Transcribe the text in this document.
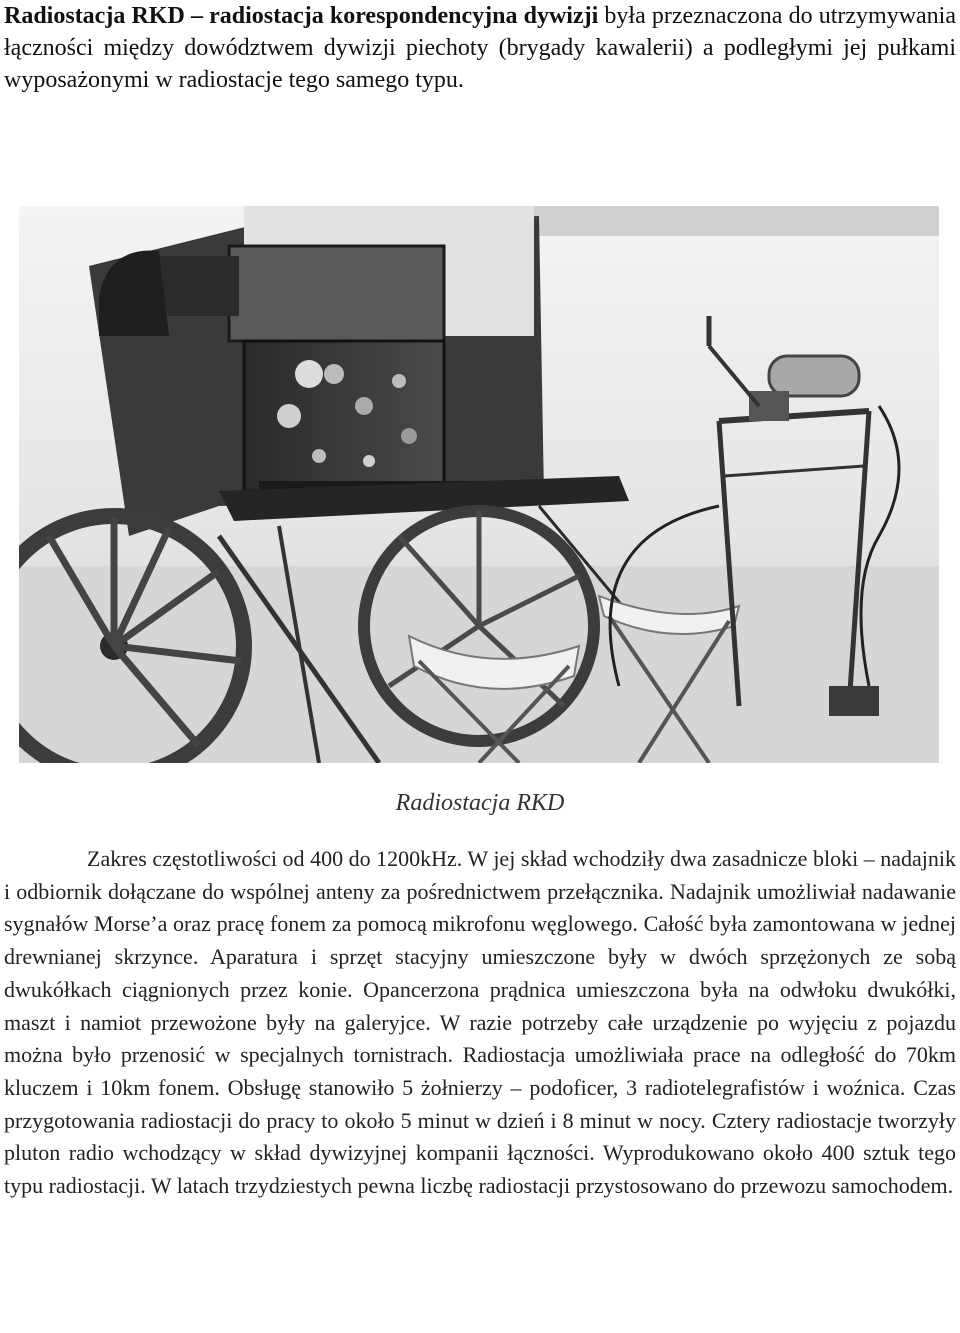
Radiostacja RKD – radiostacja korespondencyjna dywizji była przeznaczona do utrzymywania łączności między dowództwem dywizji piechoty (brygady kawalerii) a podległymi jej pułkami wyposażonymi w radiostacje tego samego typu.

Radiostacja RKD

Zakres częstotliwości od 400 do 1200kHz. W jej skład wchodziły dwa zasadnicze bloki – nadajnik i odbiornik dołączane do wspólnej anteny za pośrednictwem przełącznika. Nadajnik umożliwiał nadawanie sygnałów Morse’a oraz pracę fonem za pomocą mikrofonu węglowego. Całość była zamontowana w jednej drewnianej skrzynce. Aparatura i sprzęt stacyjny umieszczone były w dwóch sprzężonych ze sobą dwukółkach ciągnionych przez konie. Opancerzona prądnica umieszczona była na odwłoku dwukółki, maszt i namiot przewożone były na galeryjce. W razie potrzeby całe urządzenie po wyjęciu z pojazdu można było przenosić w specjalnych tornistrach. Radiostacja umożliwiała prace na odległość do 70km kluczem i 10km fonem. Obsługę stanowiło 5 żołnierzy – podoficer, 3 radiotelegrafistów i woźnica. Czas przygotowania radiostacji do pracy to około 5 minut w dzień i 8 minut w nocy. Cztery radiostacje tworzyły pluton radio wchodzący w skład dywizyjnej kompanii łączności. Wyprodukowano około 400 sztuk tego typu radiostacji. W latach trzydziestych pewna liczbę radiostacji przystosowano do przewozu samochodem.
